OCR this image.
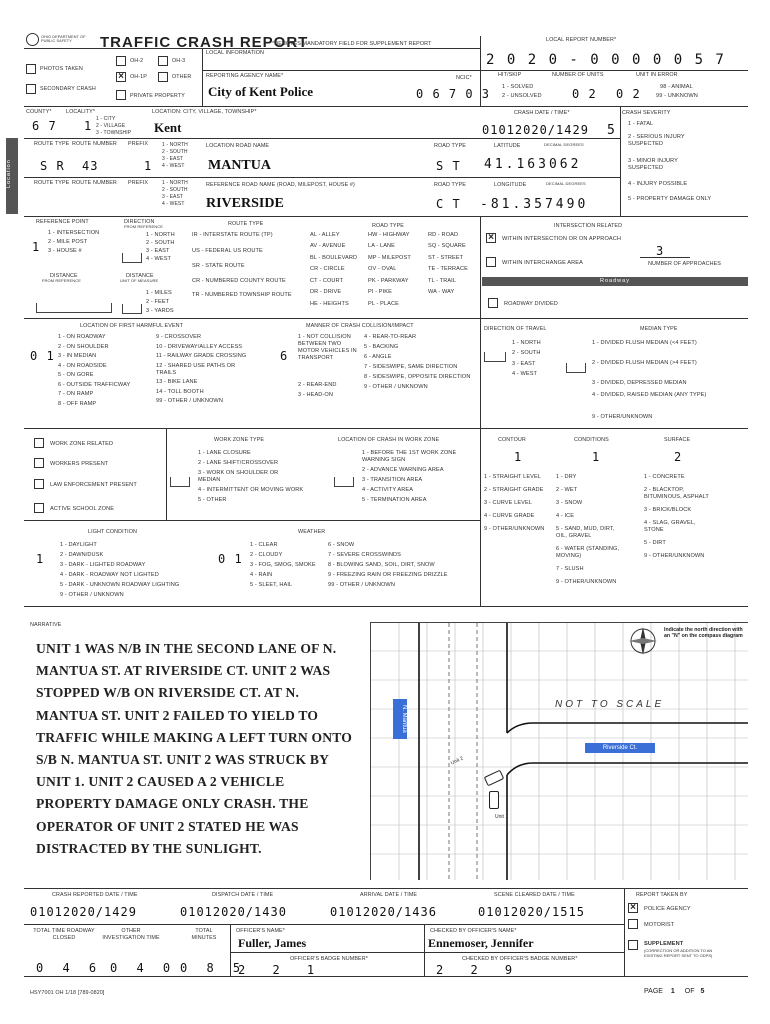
OHIO DEPARTMENT OF PUBLIC SAFETY	TRAFFIC CRASH REPORT
*DENOTES MANDATORY FIELD FOR SUPPLEMENT REPORT
LOCAL REPORT NUMBER*
2 0 2 0 - 0 0 0 0 0 5 7
PHOTOS TAKEN
OH-2	OH-3
×	OH-1P	OTHER
SECONDARY CRASH
PRIVATE PROPERTY
LOCAL INFORMATION
REPORTING AGENCY NAME*
City of Kent Police
NCIC*
0 6 7 0 3
HIT/SKIP
1 - SOLVED
2 - UNSOLVED
NUMBER OF UNITS
0 2
UNIT IN ERROR
0 2	98 - ANIMAL
99 - UNKNOWN
Location
COUNTY*
6 7
LOCALITY*
1 1 - CITY
2 - VILLAGE
3 - TOWNSHIP
LOCATION: CITY, VILLAGE, TOWNSHIP*
Kent
CRASH DATE / TIME*
01012020/1429
CRASH SEVERITY
5 1 - FATAL
2 - SERIOUS INJURY SUSPECTED
3 - MINOR INJURY SUSPECTED
4 - INJURY POSSIBLE
5 - PROPERTY DAMAGE ONLY
ROUTE TYPE ROUTE NUMBER PREFIX
S R 43	1
1 - NORTH
2 - SOUTH
3 - EAST
4 - WEST
LOCATION ROAD NAME
MANTUA
ROAD TYPE
S T
LATITUDE	DECIMAL DEGREES
41.163062
ROUTE TYPE ROUTE NUMBER PREFIX	1 - NORTH
2 - SOUTH
3 - EAST
4 - WEST
REFERENCE ROAD NAME (ROAD, MILEPOST, HOUSE #)
RIVERSIDE
ROAD TYPE
C T
LONGITUDE	DECIMAL DEGREES
-81.357490
REFERENCE POINT
1
1 - INTERSECTION
2 - MILE POST
3 - HOUSE #
DIRECTION
FROM REFERENCE
1 - NORTH
2 - SOUTH
3 - EAST
4 - WEST
DISTANCE
FROM REFERENCE
DISTANCE
UNIT OF MEASURE
1 - MILES
2 - FEET
3 - YARDS
ROUTE TYPE
IR - INTERSTATE ROUTE (TP)
US - FEDERAL US ROUTE
SR - STATE ROUTE
CR - NUMBERED COUNTY ROUTE
TR - NUMBERED TOWNSHIP ROUTE
ROAD TYPE
AL - ALLEY
AV - AVENUE
BL - BOULEVARD
CR - CIRCLE
CT - COURT
DR - DRIVE
HE - HEIGHTS
HW - HIGHWAY
LA - LANE
MP - MILEPOST
OV - OVAL
PK - PARKWAY
PI - PIKE
PL - PLACE
RD - ROAD
SQ - SQUARE
ST - STREET
TE - TERRACE
TL - TRAIL
WA - WAY
INTERSECTION RELATED
×	WITHIN INTERSECTION OR ON APPROACH
3
WITHIN INTERCHANGE AREA	NUMBER OF APPROACHES
Roadway
ROADWAY DIVIDED
LOCATION OF FIRST HARMFUL EVENT
0 1
1 - ON ROADWAY
2 - ON SHOULDER
3 - IN MEDIAN
4 - ON ROADSIDE
5 - ON GORE
6 - OUTSIDE TRAFFICWAY
7 - ON RAMP
8 - OFF RAMP
9 - CROSSOVER
10 - DRIVEWAY/ALLEY ACCESS
11 - RAILWAY GRADE CROSSING
12 - SHARED USE PATHS OR TRAILS
13 - BIKE LANE
14 - TOLL BOOTH
99 - OTHER / UNKNOWN
MANNER OF CRASH COLLISION/IMPACT
6
1 - NOT COLLISION BETWEEN TWO MOTOR VEHICLES IN TRANSPORT
2 - REAR-END
3 - HEAD-ON
4 - REAR-TO-REAR
5 - BACKING
6 - ANGLE
7 - SIDESWIPE, SAME DIRECTION
8 - SIDESWIPE, OPPOSITE DIRECTION
9 - OTHER / UNKNOWN
DIRECTION OF TRAVEL
1 - NORTH
2 - SOUTH
3 - EAST
4 - WEST
MEDIAN TYPE
1 - DIVIDED FLUSH MEDIAN (<4 FEET)
2 - DIVIDED FLUSH MEDIAN (>4 FEET)
3 - DIVIDED, DEPRESSED MEDIAN
4 - DIVIDED, RAISED MEDIAN (ANY TYPE)
9 - OTHER/UNKNOWN
WORK ZONE RELATED
WORKERS PRESENT
LAW ENFORCEMENT PRESENT
ACTIVE SCHOOL ZONE
WORK ZONE TYPE
1 - LANE CLOSURE
2 - LANE SHIFT/CROSSOVER
3 - WORK ON SHOULDER OR MEDIAN
4 - INTERMITTENT OR MOVING WORK
5 - OTHER
LOCATION OF CRASH IN WORK ZONE
1 - BEFORE THE 1ST WORK ZONE WARNING SIGN
2 - ADVANCE WARNING AREA
3 - TRANSITION AREA
4 - ACTIVITY AREA
5 - TERMINATION AREA
CONTOUR
1
1 - STRAIGHT LEVEL
2 - STRAIGHT GRADE
3 - CURVE LEVEL
4 - CURVE GRADE
9 - OTHER/UNKNOWN
CONDITIONS
1
1 - DRY
2 - WET
3 - SNOW
4 - ICE
5 - SAND, MUD, DIRT, OIL, GRAVEL
6 - WATER (STANDING, MOVING)
7 - SLUSH
9 - OTHER/UNKNOWN
SURFACE
2
1 - CONCRETE
2 - BLACKTOP, BITUMINOUS, ASPHALT
3 - BRICK/BLOCK
4 - SLAG, GRAVEL, STONE
5 - DIRT
9 - OTHER/UNKNOWN
LIGHT CONDITION
1
1 - DAYLIGHT
2 - DAWN/DUSK
3 - DARK - LIGHTED ROADWAY
4 - DARK - ROADWAY NOT LIGHTED
5 - DARK - UNKNOWN ROADWAY LIGHTING
9 - OTHER / UNKNOWN
WEATHER
0 1
1 - CLEAR
2 - CLOUDY
3 - FOG, SMOG, SMOKE
4 - RAIN
5 - SLEET, HAIL
6 - SNOW
7 - SEVERE CROSSWINDS
8 - BLOWING SAND, SOIL, DIRT, SNOW
9 - FREEZING RAIN OR FREEZING DRIZZLE
99 - OTHER / UNKNOWN
NARRATIVE
UNIT 1 WAS N/B IN THE SECOND LANE OF N.
MANTUA ST. AT RIVERSIDE CT. UNIT 2 WAS
STOPPED W/B ON RIVERSIDE CT. AT N.
MANTUA ST. UNIT 2 FAILED TO YIELD TO
TRAFFIC WHILE MAKING A LEFT TURN ONTO
S/B N. MANTUA ST. UNIT 2 WAS STRUCK BY
UNIT 1. UNIT 2 CAUSED A 2 VEHICLE
PROPERTY DAMAGE ONLY CRASH. THE
OPERATOR OF UNIT 2 STATED HE WAS
DISTRACTED BY THE SUNLIGHT.
N. Mantua
Riverside Ct.
NOT TO SCALE
Unit 1
Unit 2
Indicate the north direction with an "N" on the compass diagram
CRASH REPORTED DATE / TIME
01012020/1429
DISPATCH DATE / TIME
01012020/1430
ARRIVAL DATE / TIME
01012020/1436
SCENE CLEARED DATE / TIME
01012020/1515
REPORT TAKEN BY
×	POLICE AGENCY
MOTORIST
SUPPLEMENT
(CORRECTION OR ADDITION TO AN EXISTING REPORT SENT TO ODPS)
TOTAL TIME ROADWAY CLOSED
0 4 6
OTHER INVESTIGATION TIME
0 4 0
TOTAL MINUTES
0 8 5
OFFICER'S NAME*
Fuller, James
CHECKED BY OFFICER'S NAME*
Ennemoser, Jennifer
OFFICER'S BADGE NUMBER*
2 2 1
CHECKED BY OFFICER'S BADGE NUMBER*
2 2 9
HSY7001 OH 1/18 [789-0820]	PAGE 1 OF 5
